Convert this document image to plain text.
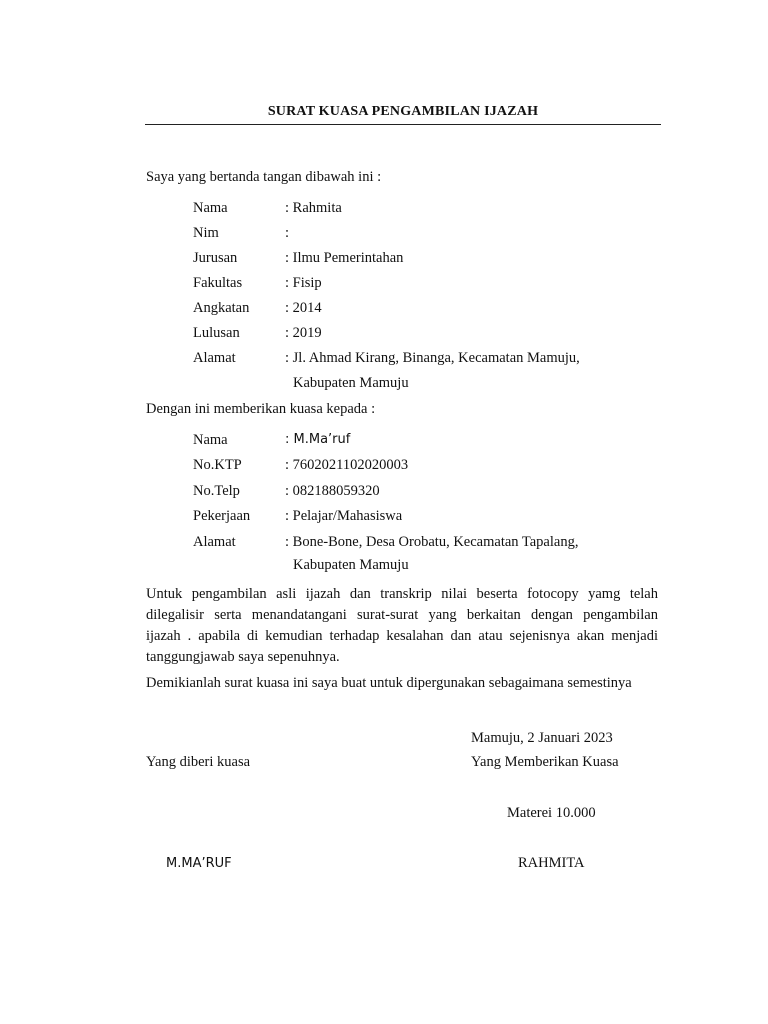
SURAT KUASA PENGAMBILAN IJAZAH
Saya yang bertanda tangan dibawah ini :
Nama	: Rahmita
Nim	:
Jurusan	: Ilmu Pemerintahan
Fakultas	: Fisip
Angkatan : 2014
Lulusan	: 2019
Alamat	: Jl. Ahmad Kirang, Binanga, Kecamatan Mamuju,
Kabupaten Mamuju
Dengan ini memberikan kuasa kepada :
Nama	: M.Ma’ruf
No.KTP	: 7602021102020003
No.Telp	: 082188059320
Pekerjaan : Pelajar/Mahasiswa
Alamat	: Bone-Bone, Desa Orobatu, Kecamatan Tapalang,
Kabupaten Mamuju
Untuk pengambilan asli ijazah dan transkrip nilai beserta fotocopy yamg telah
dilegalisir serta menandatangani surat-surat yang berkaitan dengan pengambilan
ijazah . apabila di kemudian terhadap kesalahan dan atau sejenisnya akan menjadi
tanggungjawab saya sepenuhnya.
Demikianlah surat kuasa ini saya buat untuk dipergunakan sebagaimana semestinya
Mamuju, 2 Januari 2023
Yang diberi kuasa	Yang Memberikan Kuasa
Materei 10.000
M.MA’RUF	RAHMITA
